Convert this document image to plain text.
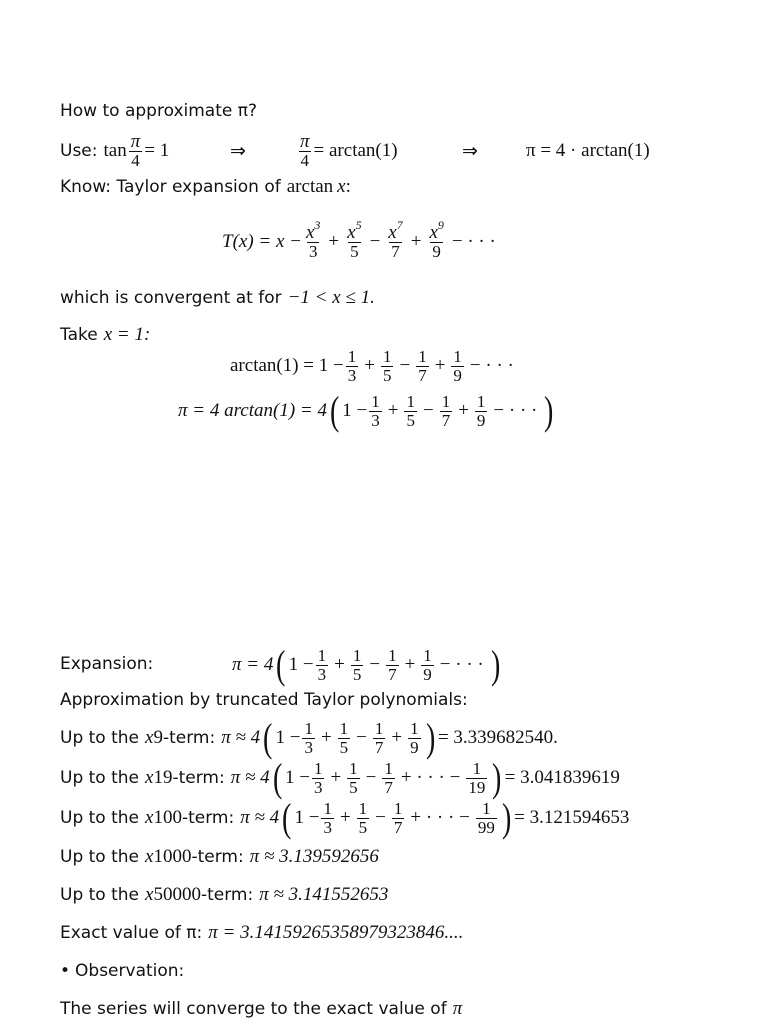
How to approximate π?
Use: $\tan \frac{\pi}{4} = 1$	⇒	$\frac{\pi}{4} = \arctan(1)$	⇒	π = 4 · arctan(1)
Know: Taylor expansion of arctan x :
$T(x) = x - \frac{x^3}{3} + \frac{x^5}{5} - \frac{x^7}{7} + \frac{x^9}{9}$ − · · ·
which is convergent at for −1 < x ≤ 1.
Take x = 1:
$\arctan(1) = 1 - \frac{1}{3} + \frac{1}{5} - \frac{1}{7} + \frac{1}{9}$ − · · ·
π = 4 arctan(1) = 4 ( $1 - \frac{1}{3} + \frac{1}{5} - \frac{1}{7} + \frac{1}{9}$ − · · · )
Expansion:	π = 4 ( $1 - \frac{1}{3} + \frac{1}{5} - \frac{1}{7} + \frac{1}{9}$ − · · · )
Approximation by truncated Taylor polynomials:
Up to the x 9 -term: π ≈ 4 ( $1 - \frac{1}{3} + \frac{1}{5} - \frac{1}{7} + \frac{1}{9}$ ) = 3.339682540.
Up to the x 19 -term: π ≈ 4 ( $1 - \frac{1}{3} + \frac{1}{5} - \frac{1}{7}$ + · · · − $\frac{1}{19}$ ) = 3.041839619
Up to the x 100 -term: π ≈ 4 ( $1 - \frac{1}{3} + \frac{1}{5} - \frac{1}{7}$ + · · · − $\frac{1}{99}$ ) = 3.121594653
Up to the x 1000 -term: π ≈ 3.139592656
Up to the x 50000 -term: π ≈ 3.141552653
Exact value of π: π = 3.14159265358979323846....
• Observation:
The series will converge to the exact value of π
